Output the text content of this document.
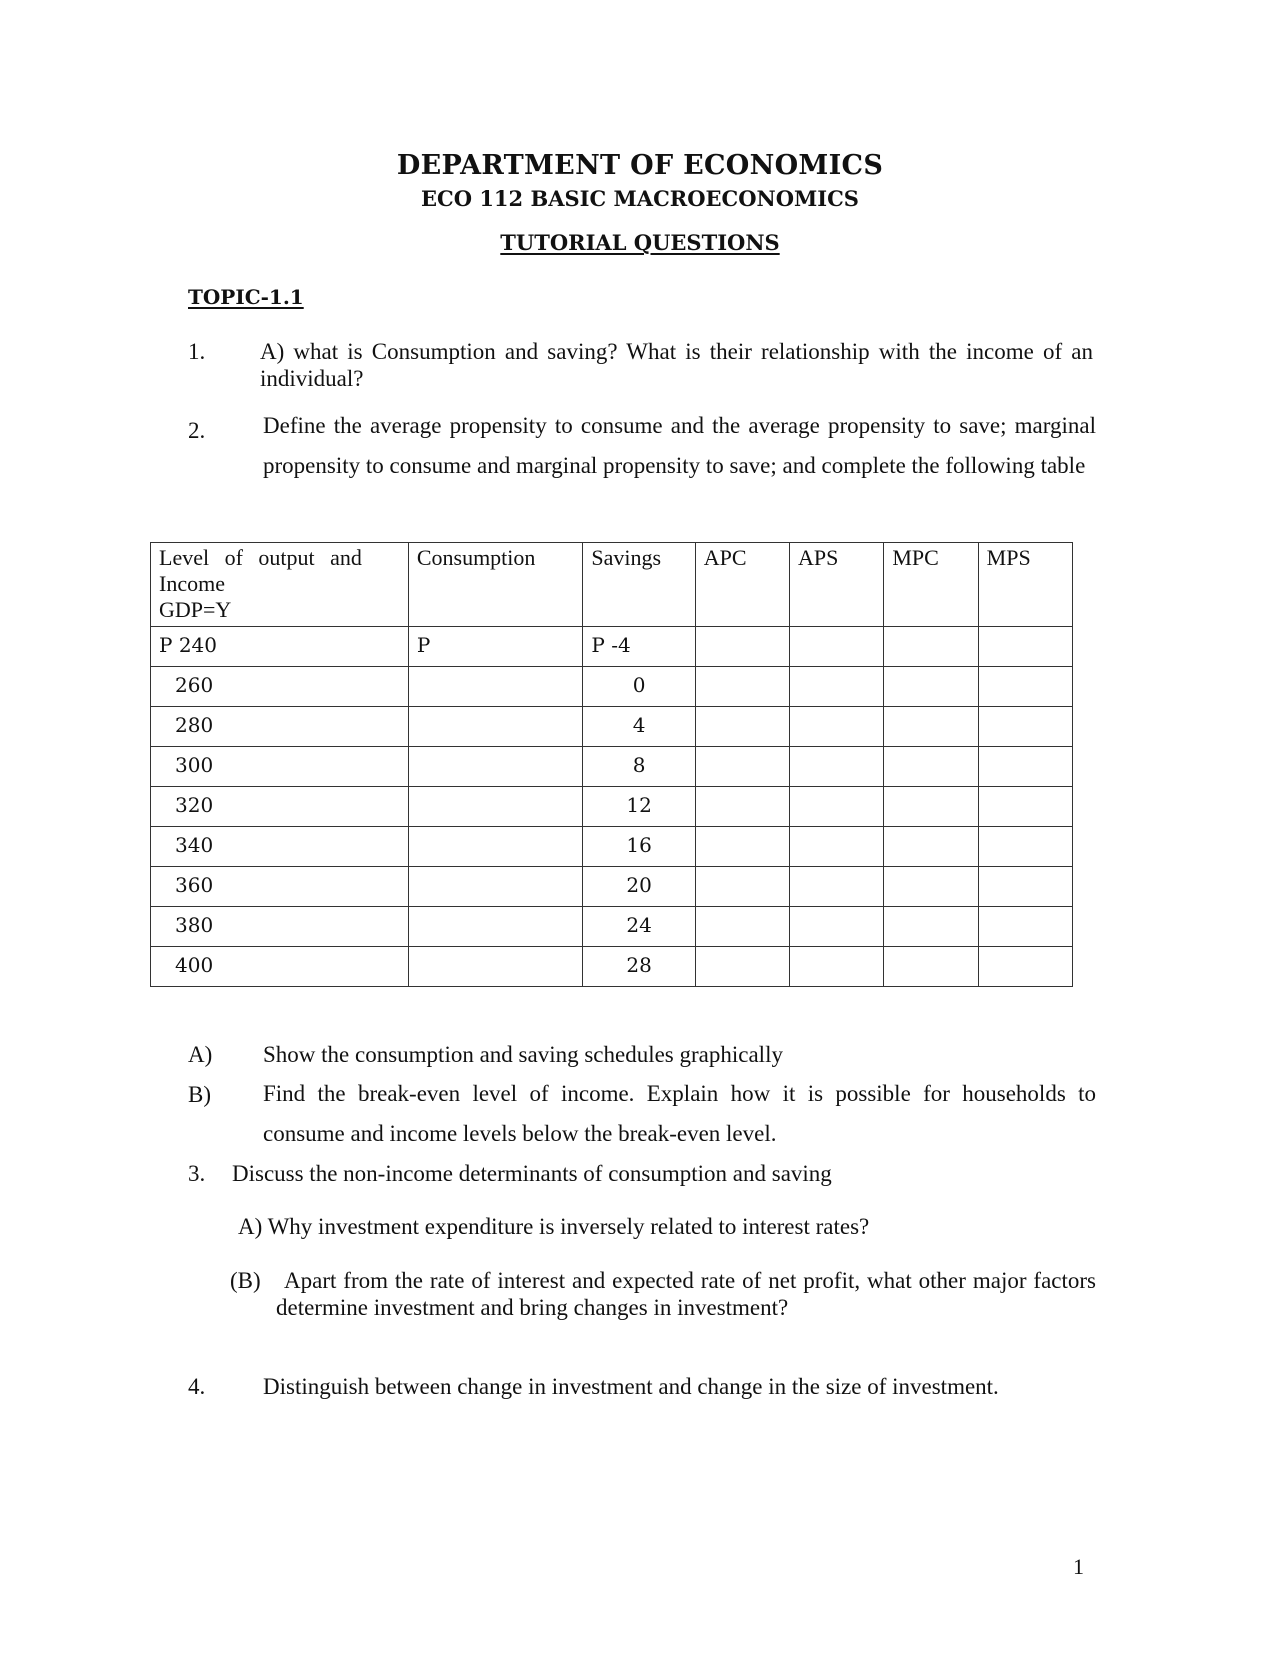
DEPARTMENT OF ECONOMICS
ECO 112 BASIC MACROECONOMICS
TUTORIAL QUESTIONS
TOPIC-1.1
1. A) what is Consumption and saving? What is their relationship with the income of an individual?
2.	Define the average propensity to consume and the average propensity to save; marginal propensity to consume and marginal propensity to save; and complete the following table
Level of output and
Income
GDP=Y	Consumption	Savings	APC	APS	MPC	MPS
P 240	P	P -4				
260		0				
280		4				
300		8				
320		12				
340		16				
360		20				
380		24				
400		28				
A) Show the consumption and saving schedules graphically
B) Find the break-even level of income. Explain how it is possible for households to consume and income levels below the break-even level.
3. Discuss the non-income determinants of consumption and saving
A) Why investment expenditure is inversely related to interest rates?
(B)	Apart from the rate of interest and expected rate of net profit, what other major factors determine investment and bring changes in investment?
4.	Distinguish between change in investment and change in the size of investment.
1
